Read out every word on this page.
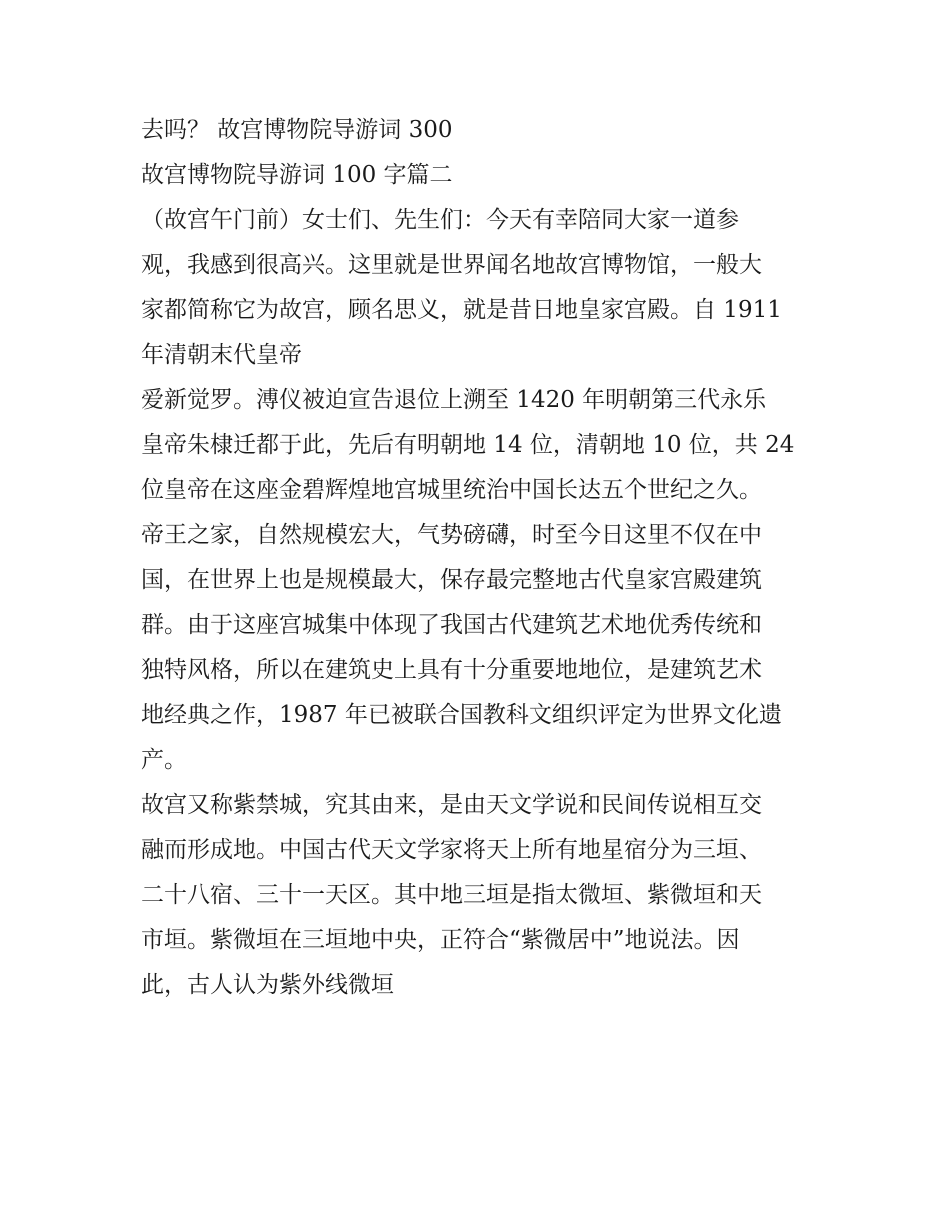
去吗？ 故宫博物院导游词 300
故宫博物院导游词 100 字篇二
（故宫午门前）女士们、先生们：今天有幸陪同大家一道参
观，我感到很高兴。这里就是世界闻名地故宫博物馆，一般大
家都简称它为故宫，顾名思义，就是昔日地皇家宫殿。自 1911
年清朝末代皇帝
爱新觉罗。溥仪被迫宣告退位上溯至 1420 年明朝第三代永乐
皇帝朱棣迁都于此，先后有明朝地 14 位，清朝地 10 位，共 24
位皇帝在这座金碧辉煌地宫城里统治中国长达五个世纪之久。
帝王之家，自然规模宏大，气势磅礴，时至今日这里不仅在中
国，在世界上也是规模最大，保存最完整地古代皇家宫殿建筑
群。由于这座宫城集中体现了我国古代建筑艺术地优秀传统和
独特风格，所以在建筑史上具有十分重要地地位，是建筑艺术
地经典之作，1987 年已被联合国教科文组织评定为世界文化遗
产。
故宫又称紫禁城，究其由来，是由天文学说和民间传说相互交
融而形成地。中国古代天文学家将天上所有地星宿分为三垣、
二十八宿、三十一天区。其中地三垣是指太微垣、紫微垣和天
市垣。紫微垣在三垣地中央，正符合“紫微居中”地说法。因
此，古人认为紫外线微垣
